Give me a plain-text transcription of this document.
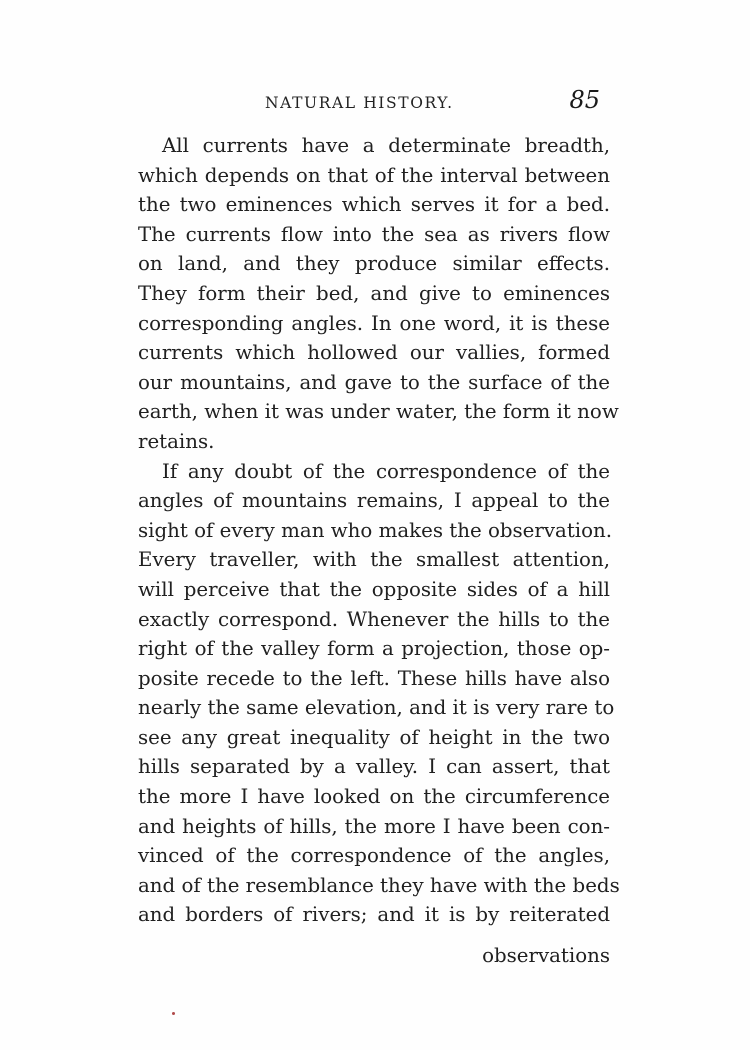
NATURAL HISTORY.	85
All currents have a determinate breadth,
which depends on that of the interval between
the two eminences which serves it for a bed.
The currents flow into the sea as rivers flow
on land, and they produce similar effects.
They form their bed, and give to eminences
corresponding angles. In one word, it is these
currents which hollowed our vallies, formed
our mountains, and gave to the surface of the
earth, when it was under water, the form it now
retains.
If any doubt of the correspondence of the
angles of mountains remains, I appeal to the
sight of every man who makes the observation.
Every traveller, with the smallest attention,
will perceive that the opposite sides of a hill
exactly correspond. Whenever the hills to the
right of the valley form a projection, those op-
posite recede to the left. These hills have also
nearly the same elevation, and it is very rare to
see any great inequality of height in the two
hills separated by a valley. I can assert, that
the more I have looked on the circumference
and heights of hills, the more I have been con-
vinced of the correspondence of the angles,
and of the resemblance they have with the beds
and borders of rivers; and it is by reiterated
observations
